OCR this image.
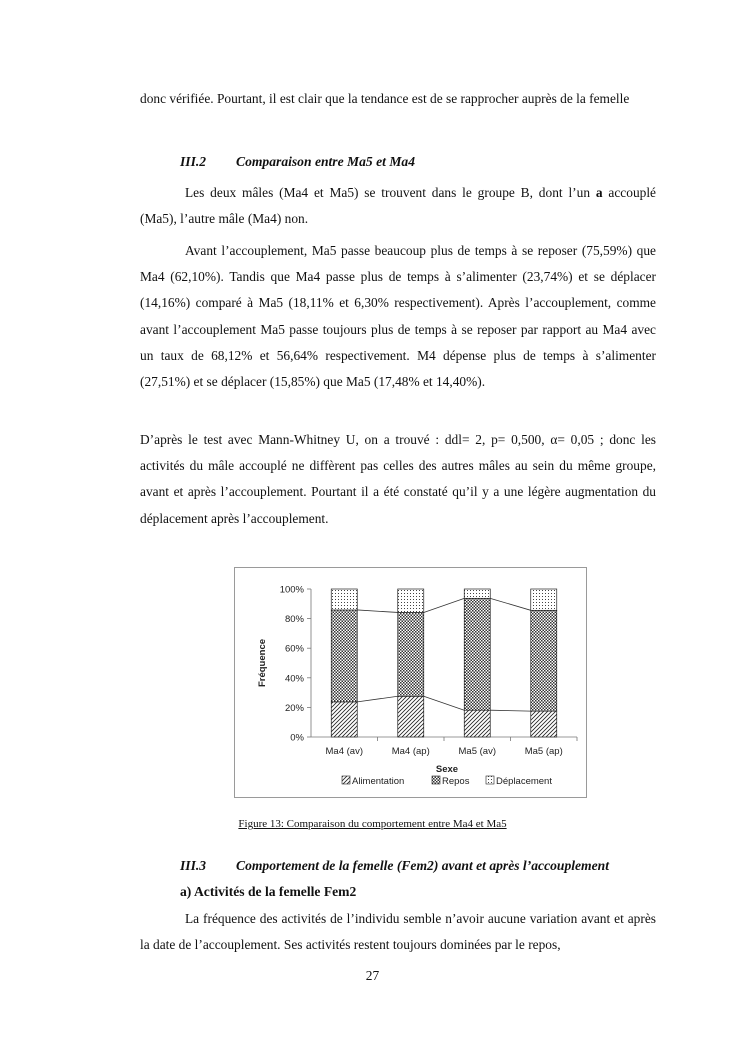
donc vérifiée. Pourtant, il est clair que la tendance est de se rapprocher auprès de la femelle

III.2 Comparaison entre Ma5 et Ma4

Les deux mâles (Ma4 et Ma5) se trouvent dans le groupe B, dont l’un a accouplé (Ma5), l’autre mâle (Ma4) non.

Avant l’accouplement, Ma5 passe beaucoup plus de temps à se reposer (75,59%) que Ma4 (62,10%). Tandis que Ma4 passe plus de temps à s’alimenter (23,74%) et se déplacer (14,16%) comparé à Ma5 (18,11% et 6,30% respectivement). Après l’accouplement, comme avant l’accouplement Ma5 passe toujours plus de temps à se reposer par rapport au Ma4 avec un taux de 68,12% et 56,64% respectivement. M4 dépense plus de temps à s’alimenter (27,51%) et se déplacer (15,85%) que Ma5 (17,48% et 14,40%).

D’après le test avec Mann-Whitney U, on a trouvé : ddl= 2, p= 0,500, α= 0,05 ; donc les activités du mâle accouplé ne diffèrent pas celles des autres mâles au sein du même groupe, avant et après l’accouplement. Pourtant il a été constaté qu’il y a une légère augmentation du déplacement après l’accouplement.

0%
20%
40%
60%
80%
100%
Fréquence
Ma4 (av)	Ma4 (ap)	Ma5 (av)	Ma5 (ap)
Sexe
Alimentation	Repos	Déplacement

Figure 13: Comparaison du comportement entre Ma4 et Ma5

III.3 Comportement de la femelle (Fem2) avant et après l’accouplement

a) Activités de la femelle Fem2

La fréquence des activités de l’individu semble n’avoir aucune variation avant et après la date de l’accouplement. Ses activités restent toujours dominées par le repos,

27
